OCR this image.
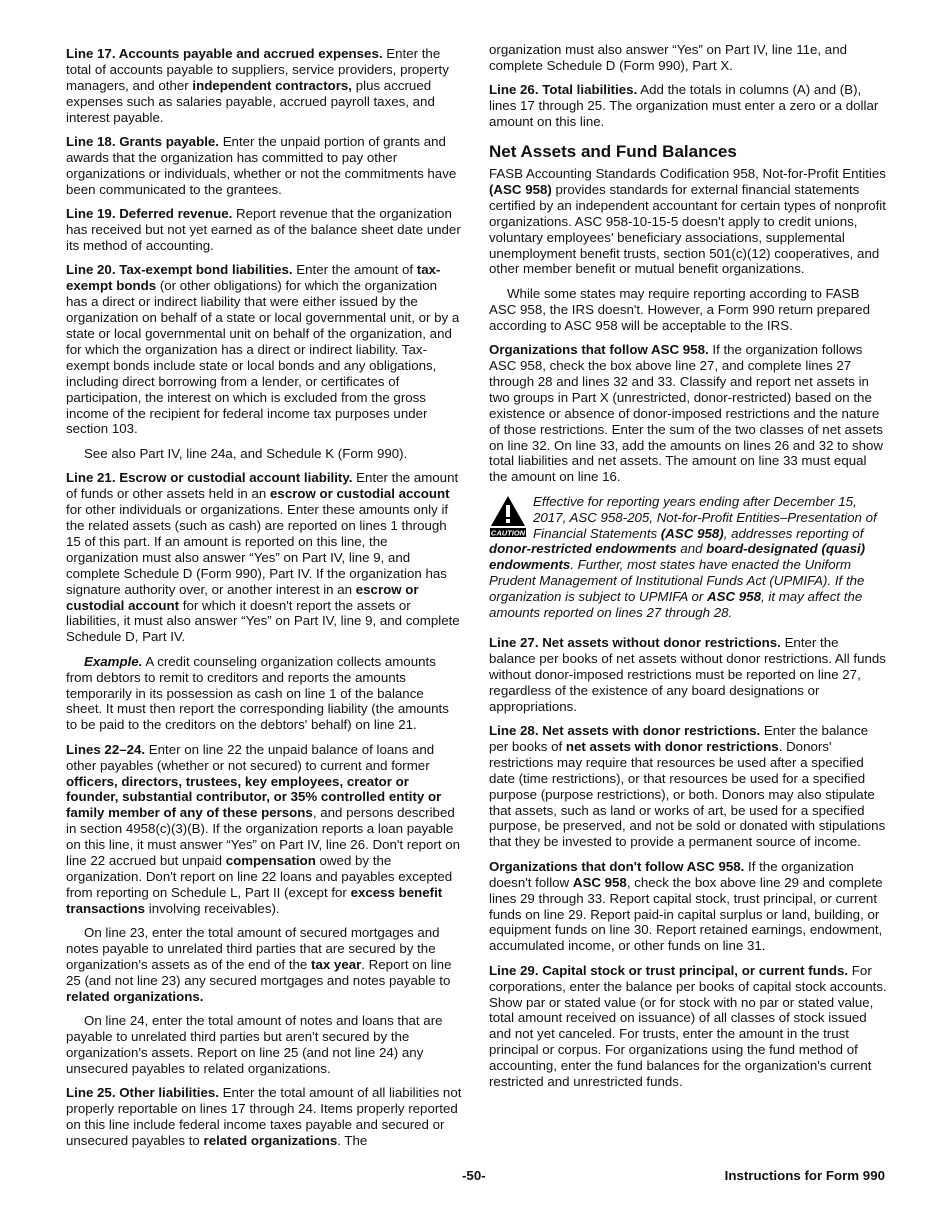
Line 17. Accounts payable and accrued expenses. Enter the total of accounts payable to suppliers, service providers, property managers, and other independent contractors, plus accrued expenses such as salaries payable, accrued payroll taxes, and interest payable.

Line 18. Grants payable. Enter the unpaid portion of grants and awards that the organization has committed to pay other organizations or individuals, whether or not the commitments have been communicated to the grantees.

Line 19. Deferred revenue. Report revenue that the organization has received but not yet earned as of the balance sheet date under its method of accounting.

Line 20. Tax-exempt bond liabilities. Enter the amount of tax-exempt bonds (or other obligations) for which the organization has a direct or indirect liability that were either issued by the organization on behalf of a state or local governmental unit, or by a state or local governmental unit on behalf of the organization, and for which the organization has a direct or indirect liability. Tax-exempt bonds include state or local bonds and any obligations, including direct borrowing from a lender, or certificates of participation, the interest on which is excluded from the gross income of the recipient for federal income tax purposes under section 103.

See also Part IV, line 24a, and Schedule K (Form 990).

Line 21. Escrow or custodial account liability. Enter the amount of funds or other assets held in an escrow or custodial account for other individuals or organizations. Enter these amounts only if the related assets (such as cash) are reported on lines 1 through 15 of this part. If an amount is reported on this line, the organization must also answer “Yes” on Part IV, line 9, and complete Schedule D (Form 990), Part IV. If the organization has signature authority over, or another interest in an escrow or custodial account for which it doesn't report the assets or liabilities, it must also answer “Yes” on Part IV, line 9, and complete Schedule D, Part IV.

Example. A credit counseling organization collects amounts from debtors to remit to creditors and reports the amounts temporarily in its possession as cash on line 1 of the balance sheet. It must then report the corresponding liability (the amounts to be paid to the creditors on the debtors' behalf) on line 21.

Lines 22–24. Enter on line 22 the unpaid balance of loans and other payables (whether or not secured) to current and former officers, directors, trustees, key employees, creator or founder, substantial contributor, or 35% controlled entity or family member of any of these persons, and persons described in section 4958(c)(3)(B). If the organization reports a loan payable on this line, it must answer “Yes” on Part IV, line 26. Don't report on line 22 accrued but unpaid compensation owed by the organization. Don't report on line 22 loans and payables excepted from reporting on Schedule L, Part II (except for excess benefit transactions involving receivables).

On line 23, enter the total amount of secured mortgages and notes payable to unrelated third parties that are secured by the organization's assets as of the end of the tax year. Report on line 25 (and not line 23) any secured mortgages and notes payable to related organizations.

On line 24, enter the total amount of notes and loans that are payable to unrelated third parties but aren't secured by the organization's assets. Report on line 25 (and not line 24) any unsecured payables to related organizations.

Line 25. Other liabilities. Enter the total amount of all liabilities not properly reportable on lines 17 through 24. Items properly reported on this line include federal income taxes payable and secured or unsecured payables to related organizations. The

organization must also answer “Yes” on Part IV, line 11e, and complete Schedule D (Form 990), Part X.

Line 26. Total liabilities. Add the totals in columns (A) and (B), lines 17 through 25. The organization must enter a zero or a dollar amount on this line.

Net Assets and Fund Balances

FASB Accounting Standards Codification 958, Not-for-Profit Entities (ASC 958) provides standards for external financial statements certified by an independent accountant for certain types of nonprofit organizations. ASC 958-10-15-5 doesn't apply to credit unions, voluntary employees' beneficiary associations, supplemental unemployment benefit trusts, section 501(c)(12) cooperatives, and other member benefit or mutual benefit organizations.

While some states may require reporting according to FASB ASC 958, the IRS doesn't. However, a Form 990 return prepared according to ASC 958 will be acceptable to the IRS.

Organizations that follow ASC 958. If the organization follows ASC 958, check the box above line 27, and complete lines 27 through 28 and lines 32 and 33. Classify and report net assets in two groups in Part X (unrestricted, donor-restricted) based on the existence or absence of donor-imposed restrictions and the nature of those restrictions. Enter the sum of the two classes of net assets on line 32. On line 33, add the amounts on lines 26 and 32 to show total liabilities and net assets. The amount on line 33 must equal the amount on line 16.

CAUTION
Effective for reporting years ending after December 15, 2017, ASC 958-205, Not-for-Profit Entities–Presentation of Financial Statements (ASC 958), addresses reporting of donor-restricted endowments and board-designated (quasi) endowments. Further, most states have enacted the Uniform Prudent Management of Institutional Funds Act (UPMIFA). If the organization is subject to UPMIFA or ASC 958, it may affect the amounts reported on lines 27 through 28.

Line 27. Net assets without donor restrictions. Enter the balance per books of net assets without donor restrictions. All funds without donor-imposed restrictions must be reported on line 27, regardless of the existence of any board designations or appropriations.

Line 28. Net assets with donor restrictions. Enter the balance per books of net assets with donor restrictions. Donors' restrictions may require that resources be used after a specified date (time restrictions), or that resources be used for a specified purpose (purpose restrictions), or both. Donors may also stipulate that assets, such as land or works of art, be used for a specified purpose, be preserved, and not be sold or donated with stipulations that they be invested to provide a permanent source of income.

Organizations that don't follow ASC 958. If the organization doesn't follow ASC 958, check the box above line 29 and complete lines 29 through 33. Report capital stock, trust principal, or current funds on line 29. Report paid-in capital surplus or land, building, or equipment funds on line 30. Report retained earnings, endowment, accumulated income, or other funds on line 31.

Line 29. Capital stock or trust principal, or current funds. For corporations, enter the balance per books of capital stock accounts. Show par or stated value (or for stock with no par or stated value, total amount received on issuance) of all classes of stock issued and not yet canceled. For trusts, enter the amount in the trust principal or corpus. For organizations using the fund method of accounting, enter the fund balances for the organization's current restricted and unrestricted funds.

-50-	Instructions for Form 990
